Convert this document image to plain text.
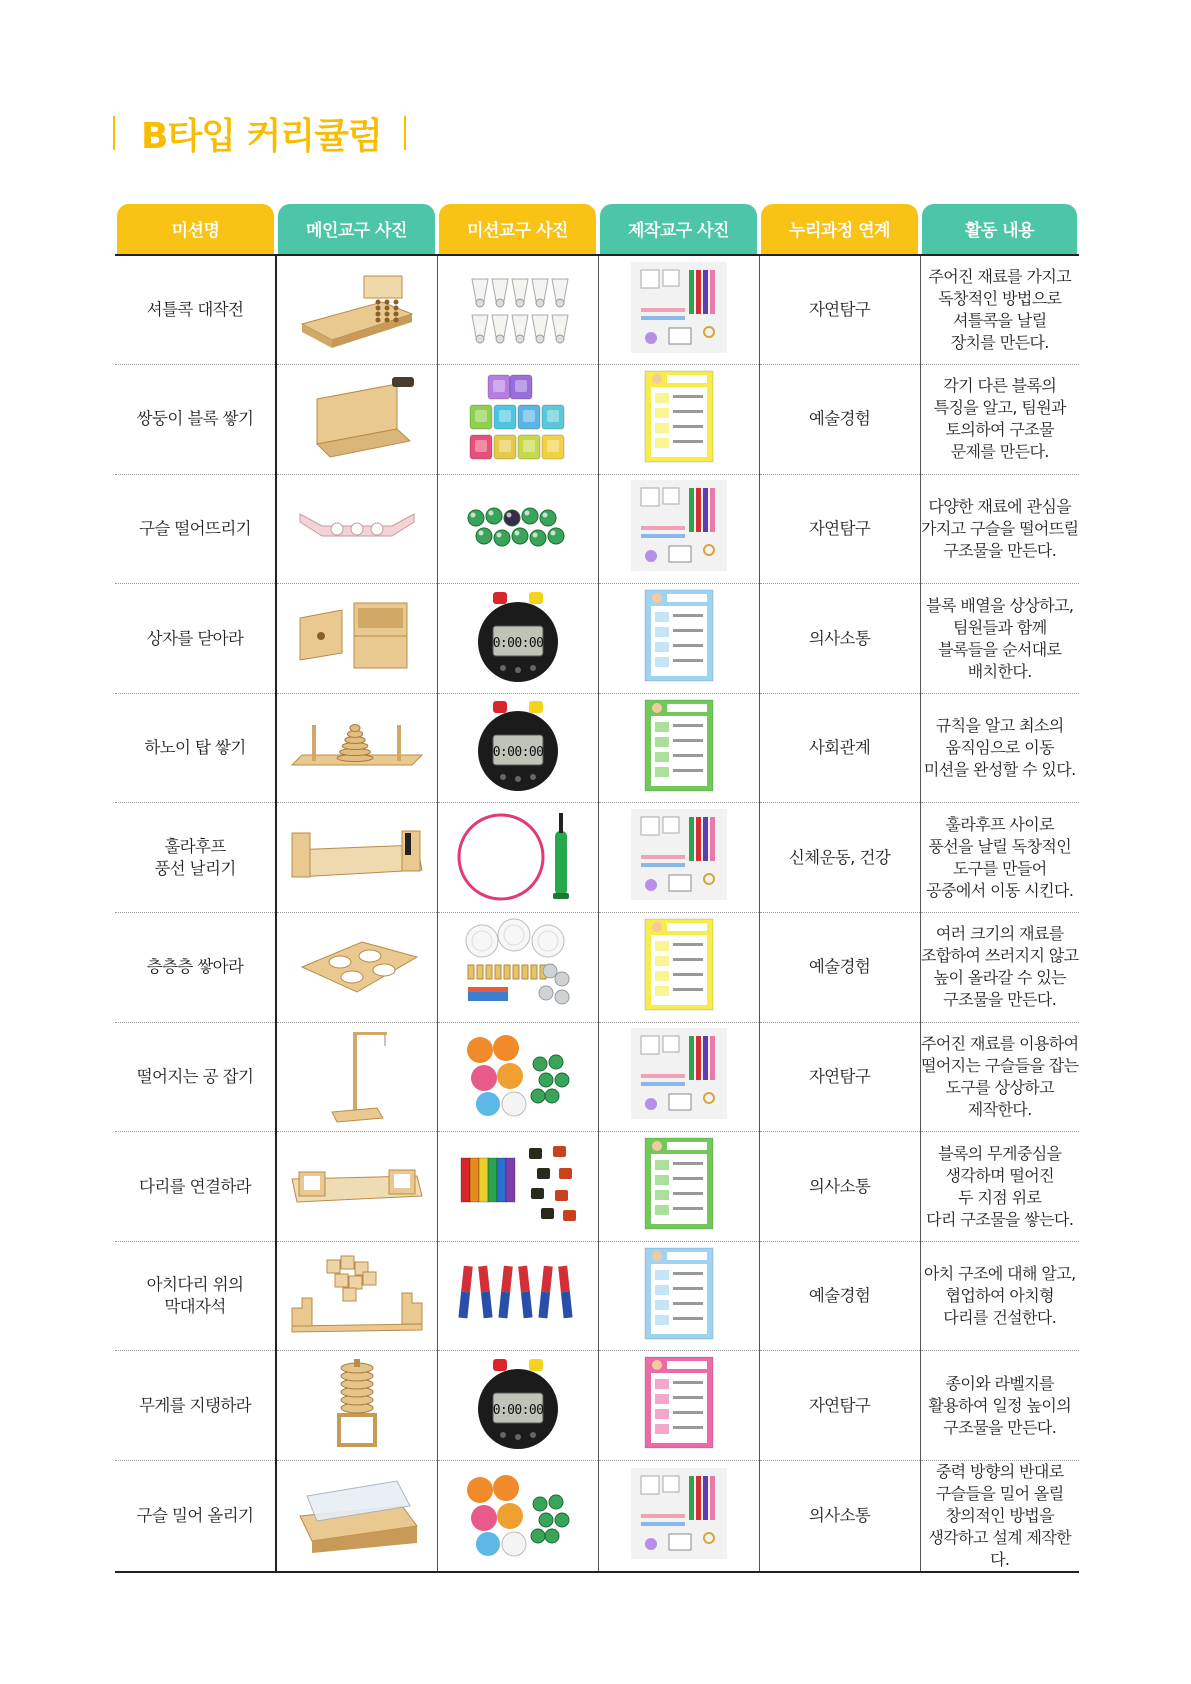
B타입 커리큘럼
미션명	메인교구 사진	미션교구 사진	제작교구 사진	누리과정 연계	활동 내용

셔틀콕 대작전				자연탐구	주어진 재료를 가지고
독창적인 방법으로
셔틀콕을 날릴
장치를 만든다.
쌍둥이 블록 쌓기				예술경험	각기 다른 블록의
특징을 알고, 팀원과
토의하여 구조물
문제를 만든다.
구슬 떨어뜨리기				자연탐구	다양한 재료에 관심을
가지고 구슬을 떨어뜨릴
구조물을 만든다.
상자를 닫아라		0:00:00		의사소통	블록 배열을 상상하고,
팀원들과 함께
블록들을 순서대로
배치한다.
하노이 탑 쌓기		0:00:00		사회관계	규칙을 알고 최소의
움직임으로 이동
미션을 완성할 수 있다.
훌라후프
풍선 날리기				신체운동, 건강	훌라후프 사이로
풍선을 날릴 독창적인
도구를 만들어
공중에서 이동 시킨다.
층층층 쌓아라				예술경험	여러 크기의 재료를
조합하여 쓰러지지 않고
높이 올라갈 수 있는
구조물을 만든다.
떨어지는 공 잡기				자연탐구	주어진 재료를 이용하여
떨어지는 구슬들을 잡는
도구를 상상하고
제작한다.
다리를 연결하라				의사소통	블록의 무게중심을
생각하며 떨어진
두 지점 위로
다리 구조물을 쌓는다.
아치다리 위의
막대자석				예술경험	아치 구조에 대해 알고,
협업하여 아치형
다리를 건설한다.
무게를 지탱하라		0:00:00		자연탐구	종이와 라벨지를
활용하여 일정 높이의
구조물을 만든다.
구슬 밀어 올리기				의사소통	중력 방향의 반대로
구슬들을 밀어 올릴
창의적인 방법을
생각하고 설계 제작한다.
